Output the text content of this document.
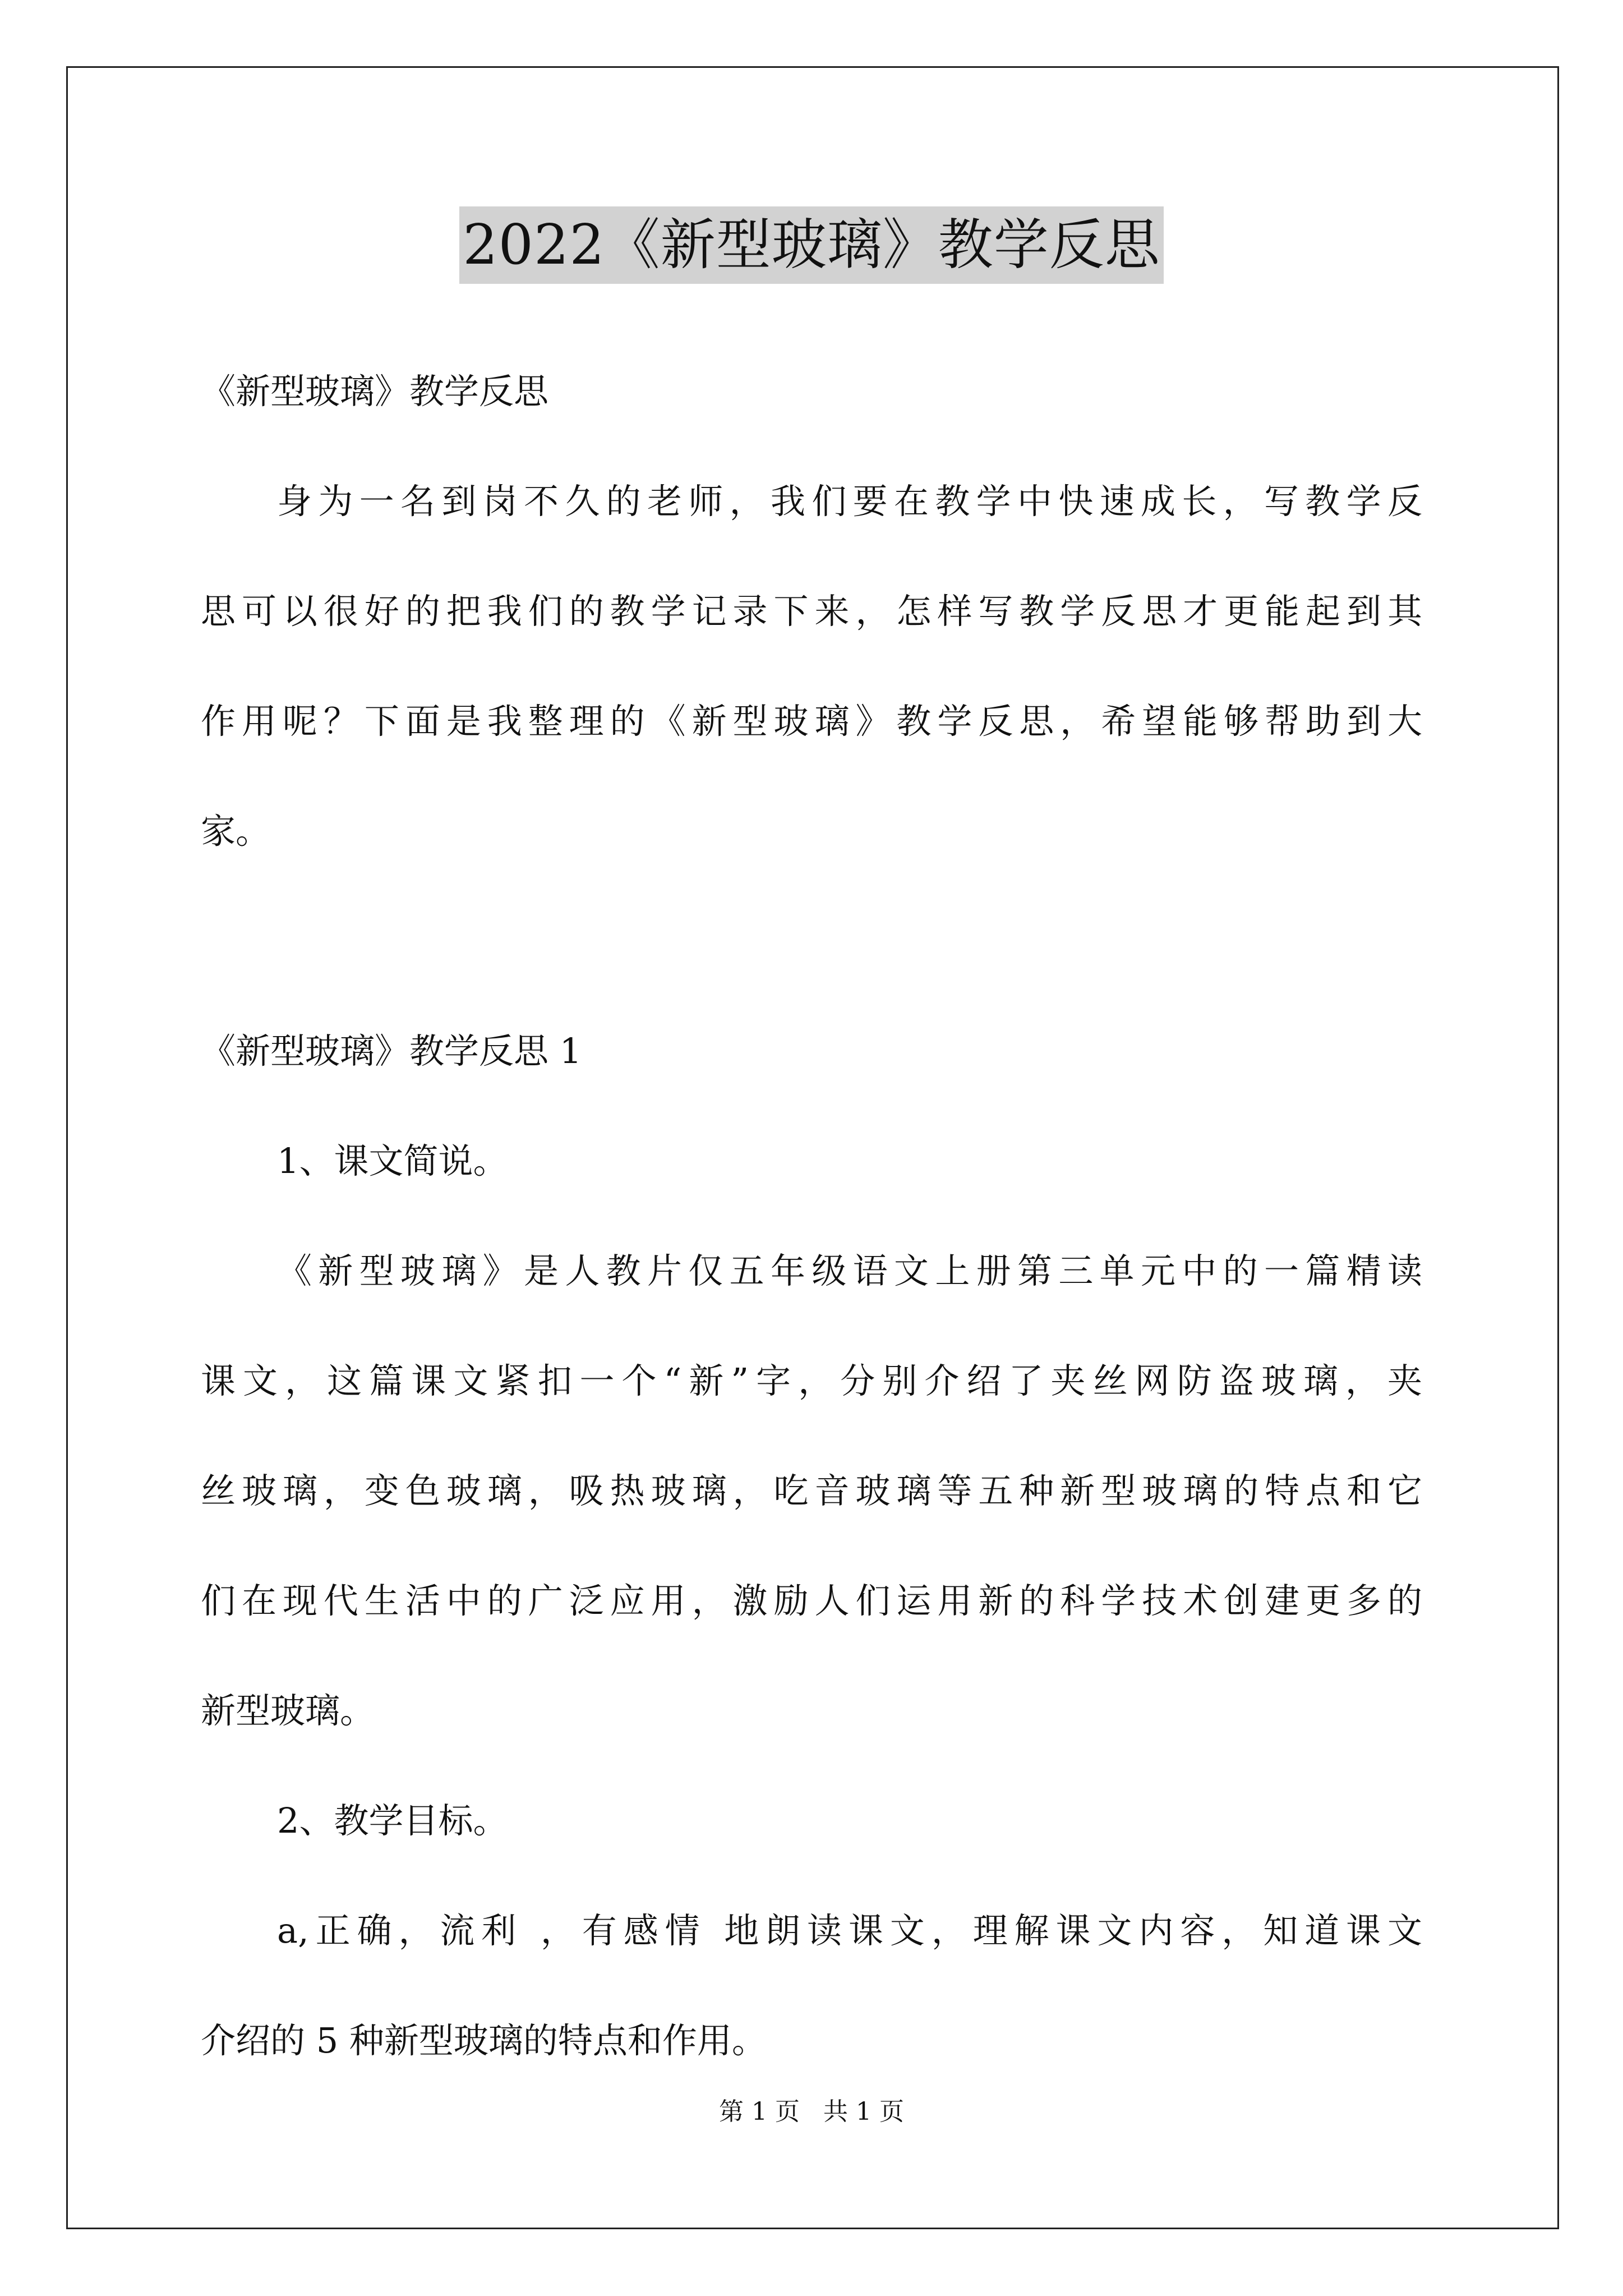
2022《新型玻璃》教学反思
《新型玻璃》教学反思
身为一名到岗不久的老师，我们要在教学中快速成长，写教学反
思可以很好的把我们的教学记录下来，怎样写教学反思才更能起到其
作用呢？下面是我整理的《新型玻璃》教学反思，希望能够帮助到大
家。
《新型玻璃》教学反思 1
1、课文简说。
《新型玻璃》是人教片仅五年级语文上册第三单元中的一篇精读
课文，这篇课文紧扣一个“新”字，分别介绍了夹丝网防盗玻璃，夹
丝玻璃，变色玻璃，吸热玻璃，吃音玻璃等五种新型玻璃的特点和它
们在现代生活中的广泛应用，激励人们运用新的科学技术创建更多的
新型玻璃。
2、教学目标。
a,正确，流利 ，有感情 地朗读课文，理解课文内容，知道课文
介绍的 5 种新型玻璃的特点和作用。
第 1 页   共 1 页
